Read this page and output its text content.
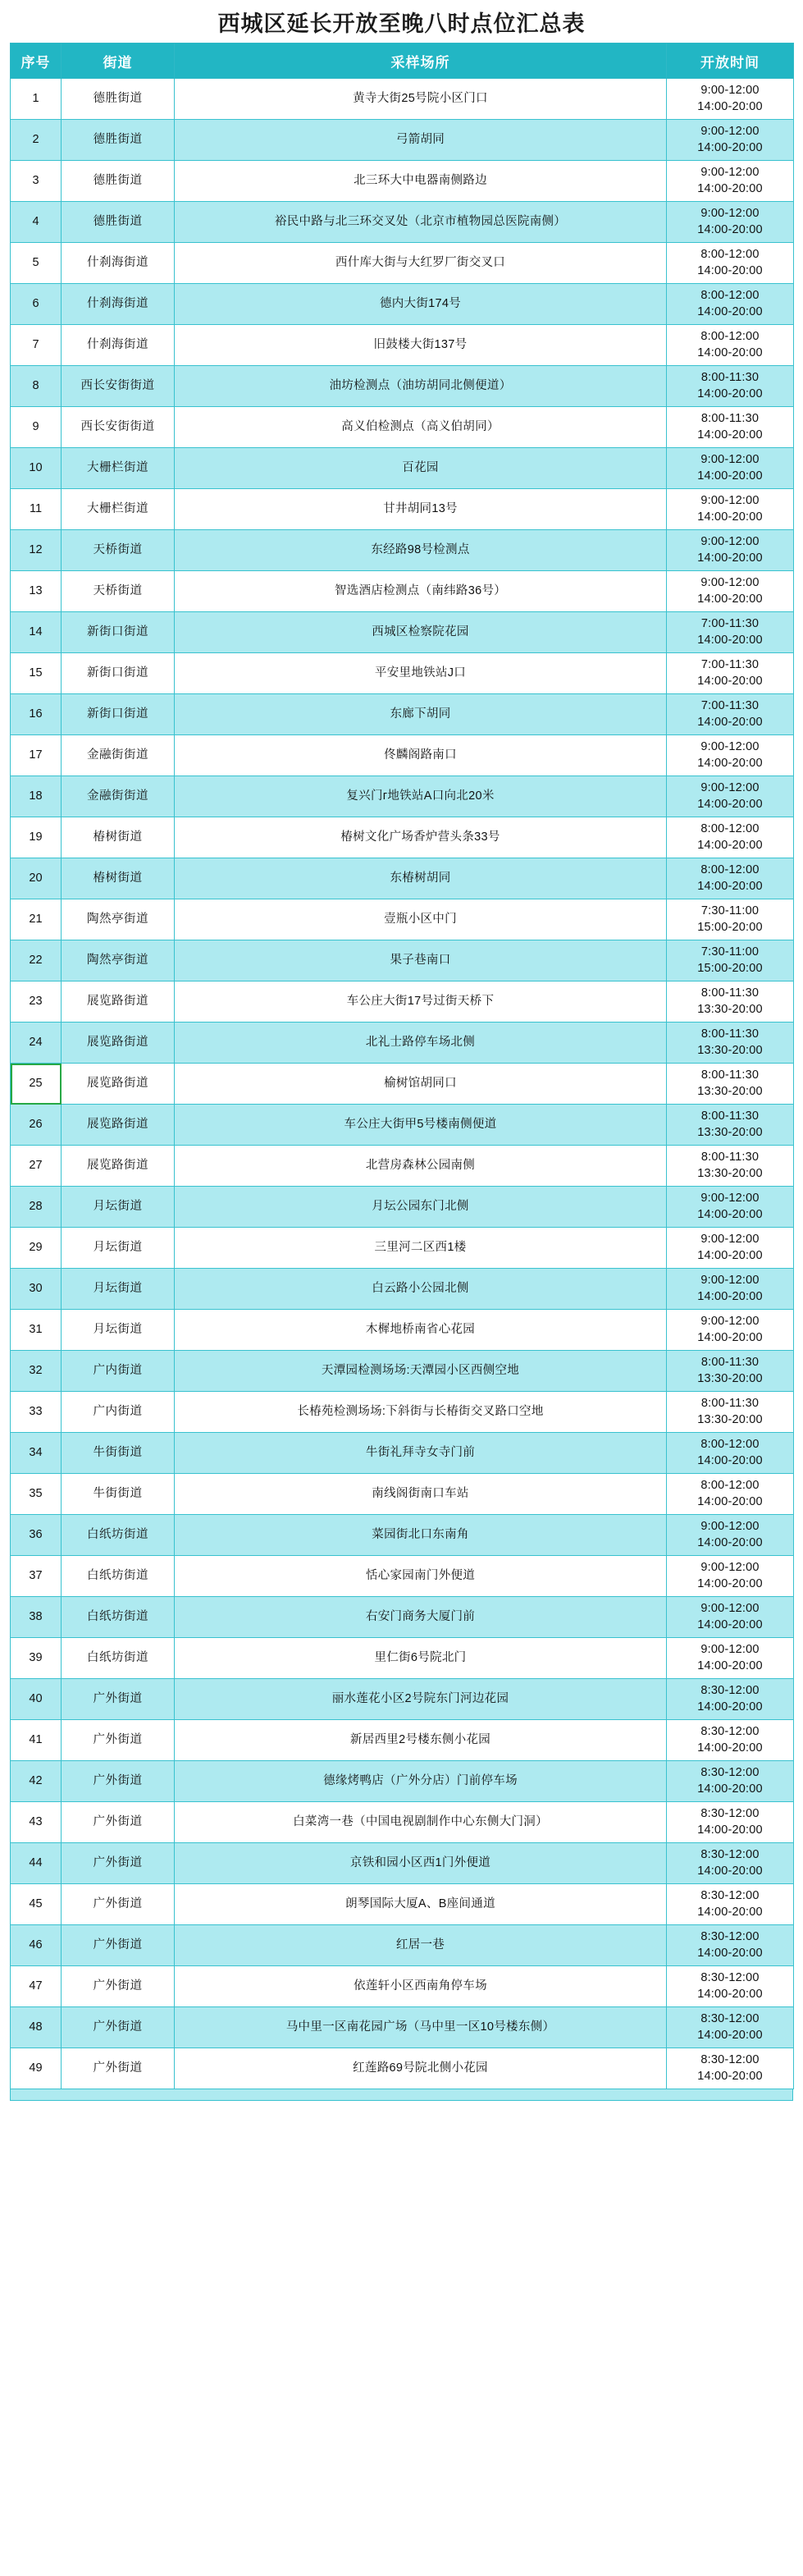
西城区延长开放至晚八时点位汇总表
序号	街道	采样场所	开放时间
1	德胜街道	黄寺大街25号院小区门口	9:00-12:00
14:00-20:00

2	德胜街道	弓箭胡同	9:00-12:00
14:00-20:00

3	德胜街道	北三环大中电器南侧路边	9:00-12:00
14:00-20:00

4	德胜街道	裕民中路与北三环交叉处（北京市植物园总医院南侧）	9:00-12:00
14:00-20:00

5	什刹海街道	西什库大街与大红罗厂街交叉口	8:00-12:00
14:00-20:00

6	什刹海街道	德内大街174号	8:00-12:00
14:00-20:00

7	什刹海街道	旧鼓楼大街137号	8:00-12:00
14:00-20:00

8	西长安街街道	油坊检测点（油坊胡同北侧便道）	8:00-11:30
14:00-20:00

9	西长安街街道	高义伯检测点（高义伯胡同）	8:00-11:30
14:00-20:00

10	大栅栏街道	百花园	9:00-12:00
14:00-20:00

11	大栅栏街道	甘井胡同13号	9:00-12:00
14:00-20:00

12	天桥街道	东经路98号检测点	9:00-12:00
14:00-20:00

13	天桥街道	智选酒店检测点（南纬路36号）	9:00-12:00
14:00-20:00

14	新街口街道	西城区检察院花园	7:00-11:30
14:00-20:00

15	新街口街道	平安里地铁站J口	7:00-11:30
14:00-20:00

16	新街口街道	东廊下胡同	7:00-11:30
14:00-20:00

17	金融街街道	佟麟阁路南口	9:00-12:00
14:00-20:00

18	金融街街道	复兴门г地铁站A口向北20米	9:00-12:00
14:00-20:00

19	椿树街道	椿树文化广场香炉营头条33号	8:00-12:00
14:00-20:00

20	椿树街道	东椿树胡同	8:00-12:00
14:00-20:00

21	陶然亭街道	壹瓶小区中门	7:30-11:00
15:00-20:00

22	陶然亭街道	果子巷南口	7:30-11:00
15:00-20:00

23	展览路街道	车公庄大街17号过街天桥下	8:00-11:30
13:30-20:00

24	展览路街道	北礼士路停车场北侧	8:00-11:30
13:30-20:00

25	展览路街道	榆树馆胡同口	8:00-11:30
13:30-20:00

26	展览路街道	车公庄大街甲5号楼南侧便道	8:00-11:30
13:30-20:00

27	展览路街道	北营房森林公园南侧	8:00-11:30
13:30-20:00

28	月坛街道	月坛公园东门北侧	9:00-12:00
14:00-20:00

29	月坛街道	三里河二区西1楼	9:00-12:00
14:00-20:00

30	月坛街道	白云路小公园北侧	9:00-12:00
14:00-20:00

31	月坛街道	木樨地桥南省心花园	9:00-12:00
14:00-20:00

32	广内街道	天潭园检测场场:天潭园小区西侧空地	8:00-11:30
13:30-20:00

33	广内街道	长椿苑检测场场:下斜街与长椿街交叉路口空地	8:00-11:30
13:30-20:00

34	牛街街道	牛街礼拜寺女寺门前	8:00-12:00
14:00-20:00

35	牛街街道	南线阁街南口车站	8:00-12:00
14:00-20:00

36	白纸坊街道	菜园街北口东南角	9:00-12:00
14:00-20:00

37	白纸坊街道	恬心家园南门外便道	9:00-12:00
14:00-20:00

38	白纸坊街道	右安门商务大厦门前	9:00-12:00
14:00-20:00

39	白纸坊街道	里仁街6号院北门	9:00-12:00
14:00-20:00

40	广外街道	丽水莲花小区2号院东门河边花园	8:30-12:00
14:00-20:00

41	广外街道	新居西里2号楼东侧小花园	8:30-12:00
14:00-20:00

42	广外街道	德缘烤鸭店（广外分店）门前停车场	8:30-12:00
14:00-20:00

43	广外街道	白菜湾一巷（中国电视剧制作中心东侧大门洞）	8:30-12:00
14:00-20:00

44	广外街道	京铁和园小区西1门外便道	8:30-12:00
14:00-20:00

45	广外街道	朗琴国际大厦A、B座间通道	8:30-12:00
14:00-20:00

46	广外街道	红居一巷	8:30-12:00
14:00-20:00

47	广外街道	依莲轩小区西南角停车场	8:30-12:00
14:00-20:00

48	广外街道	马中里一区南花园广场（马中里一区10号楼东侧）	8:30-12:00
14:00-20:00

49	广外街道	红莲路69号院北侧小花园	8:30-12:00
14:00-20:00
